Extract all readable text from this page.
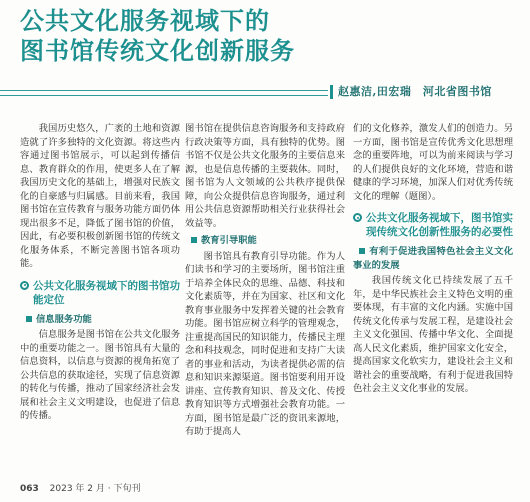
公共文化服务视域下的
图书馆传统文化创新服务
赵惠洁,田宏瑞　河北省图书馆

我国历史悠久，广袤的土地和资源造就了许多独特的文化资源。将这些内容通过图书馆展示，可以起到传播信息、教育群众的作用，使更多人在了解我国历史文化的基础上，增强对民族文化的自豪感与归属感。目前来看，我国图书馆在宣传教育与服务功能方面仍体现出很多不足，降低了图书馆的价值，因此，有必要积极创新图书馆的传统文化服务体系，不断完善图书馆各项功能。

公共文化服务视域下的图书馆功能定位
信息服务功能

信息服务是图书馆在公共文化服务中的重要功能之一。图书馆具有大量的信息资料，以信息与资源的视角拓宽了公共信息的获取途径，实现了信息资源的转化与传播，推动了国家经济社会发展和社会主义文明建设，也促进了信息的传播。

图书馆在提供信息咨询服务和支持政府行政决策等方面，具有独特的优势。图书馆不仅是公共文化服务的主要信息来源，也是信息传播的主要载体。同时，图书馆为人文领域的公共秩序提供保障，向公众提供信息咨询服务，通过利用公共信息资源帮助相关行业获得社会效益等。

教育引导职能

图书馆具有教育引导功能。作为人们读书和学习的主要场所，图书馆注重于培养全体民众的思维、品德、科技和文化素质等，并在为国家、社区和文化教育事业服务中发挥着关键的社会教育功能。图书馆应树立科学的管理观念，注重提高国民的知识能力，传播民主理念和科技观念，同时促进和支持广大读者的事业和活动，为读者提供必需的信息和知识来源渠道。图书馆要利用开设讲座、宣传教育知识、普及文化、传授教育知识等方式增强社会教育功能。一方面，图书馆是最广泛的资讯来源地，有助于提高人

们的文化修养，激发人们的创造力。另一方面，图书馆是宣传优秀文化思想理念的重要阵地，可以为前来阅读与学习的人们提供良好的文化环境，营造和谐健康的学习环境，加深人们对优秀传统文化的理解（题图）。

公共文化服务视域下，图书馆实现传统文化创新性服务的必要性
有利于促进我国特色社会主义文化事业的发展

我国传统文化已持续发展了五千年，是中华民族社会主义特色文明的重要体现，有丰富的文化内涵。实施中国传统文化传承与发展工程，是建设社会主义文化强国、传播中华文化、全面提高人民文化素质，维护国家文化安全，提高国家文化软实力，建设社会主义和谐社会的重要战略，有利于促进我国特色社会主义文化事业的发展。

063 2023 年 2 月 · 下旬刊
